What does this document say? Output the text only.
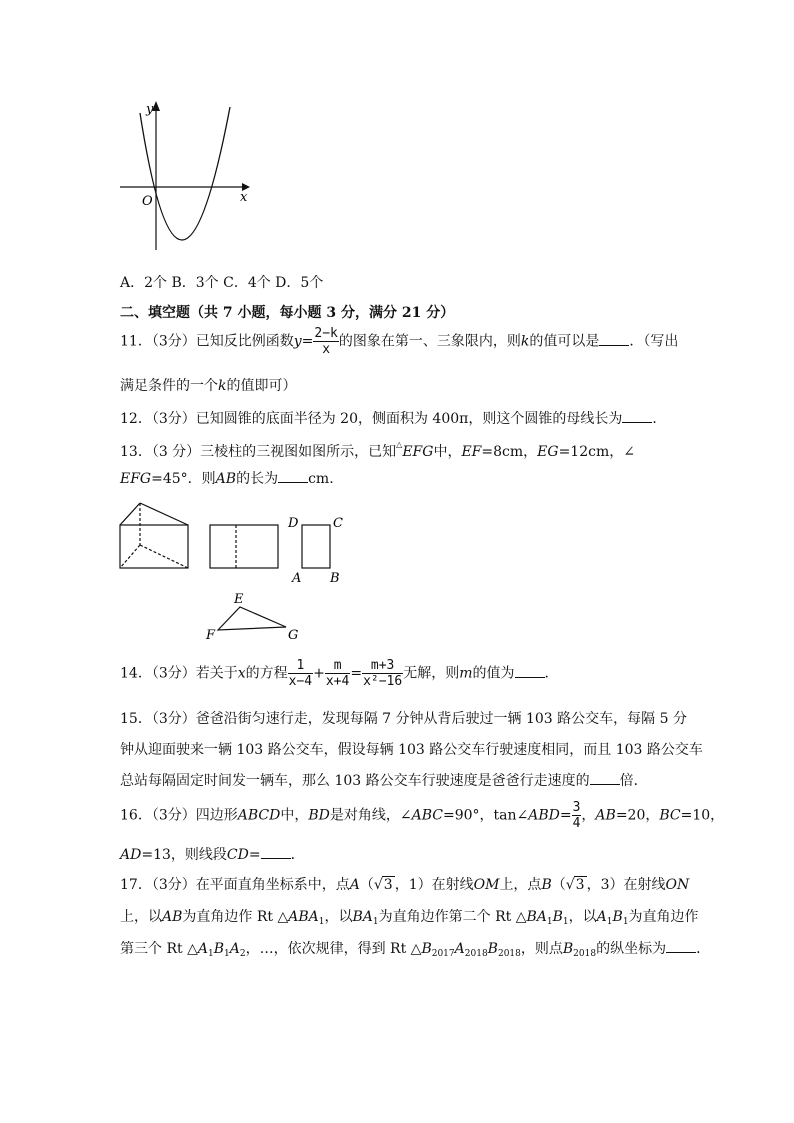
y
x
O
A．2个 B．3个 C．4个 D．5个
二、填空题（共 7 小题，每小题 3 分，满分 21 分）
11．（3分）已知反比例函数$y= \frac{2-k}{x}$ 的图象在第一、三象限内，则k的值可以是 ．（写出
满足条件的一个k的值即可）
12．（3分）已知圆锥的底面半径为 20，侧面积为 400π，则这个圆锥的母线长为 ．
13．（3 分）三棱柱的三视图如图所示，已知△EFG中，EF=8cm，EG=12cm，∠
EFG=45°．则AB的长为 cm.
D	C
A B
E
F	G
14．（3分）若关于x的方程 $\frac{1}{x-4} + \frac{m}{x+4} = \frac{m+3}{\text{x²−16}}$ 无解，则m的值为 ．
15．（3分）爸爸沿街匀速行走，发现每隔 7 分钟从背后驶过一辆 103 路公交车，每隔 5 分
钟从迎面驶来一辆 103 路公交车，假设每辆 103 路公交车行驶速度相同，而且 103 路公交车
总站每隔固定时间发一辆车，那么 103 路公交车行驶速度是爸爸行走速度的 倍．
16．（3分）四边形ABCD中，BD是对角线，∠ABC=90°，tan∠ABD= $\frac{3}{4}$ ，AB=20，BC=10，
AD=13，则线段CD= ．
17．（3分）在平面直角坐标系中，点A（√3 ，1）在射线OM上，点B（√3 ，3）在射线ON
上，以AB为直角边作 Rt $\triangle ABA_1$，以$BA_1$为直角边作第二个 Rt $\triangle BA_1B_1$，以$A_1B_1$为直角边作
第三个 Rt $\triangle A_1B_1A_2$，…，依次规律，得到 Rt $\triangle B_{2017}A_{2018}B_{2018}$，则点$B_{2018}$的纵坐标为 ．
